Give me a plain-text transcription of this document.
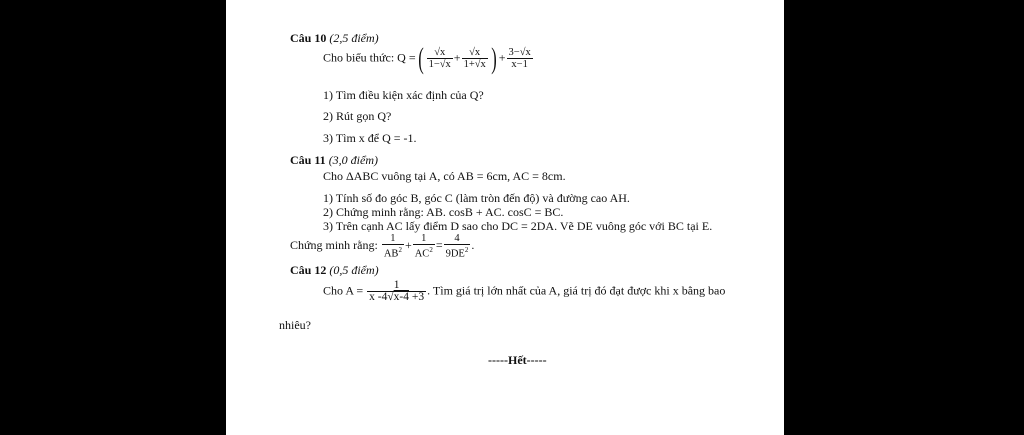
Câu 10 (2,5 điểm)
Cho biểu thức: Q =( $\frac{√x}{1-√x} + \frac{√x}{1+√x}$ ) + $\frac{3-√x}{x-1}$
1) Tìm điều kiện xác định của Q?
2) Rút gọn Q?
3) Tìm x để Q = -1.
Câu 11 (3,0 điểm)
Cho ΔABC vuông tại A, có AB = 6cm, AC = 8cm.
1) Tính số đo góc B, góc C (làm tròn đến độ) và đường cao AH.
2) Chứng minh rằng: AB. cosB + AC. cosC = BC.
3) Trên cạnh AC lấy điểm D sao cho DC = 2DA. Vẽ DE vuông góc với BC tại E.
Chứng minh rằng: $\frac{1}{AB^2} + \frac{1}{AC^2} = \frac{4}{9DE^2}$ .
Câu 12 (0,5 điểm)
Cho $A = \frac{1}{x -4√x-4 +3}$ . Tìm giá trị lớn nhất của A, giá trị đó đạt được khi x bằng bao
nhiêu?
-----Hết-----
